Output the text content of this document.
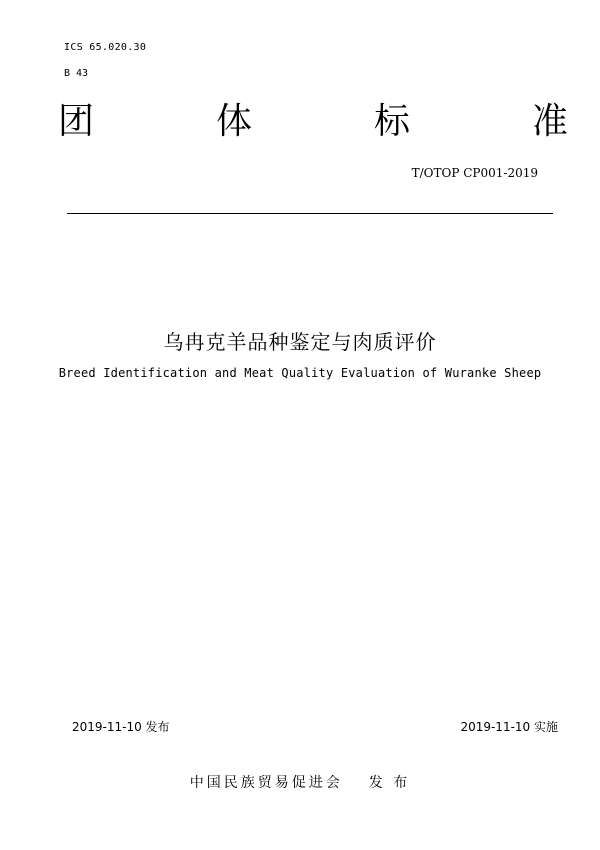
ICS 65.020.30
B 43
团	体	标	准
T/OTOP CP001-2019
乌冉克羊品种鉴定与肉质评价
Breed Identification and Meat Quality Evaluation of Wuranke Sheep
2019-11-10 发布	2019-11-10 实施
中国民族贸易促进会 发 布
